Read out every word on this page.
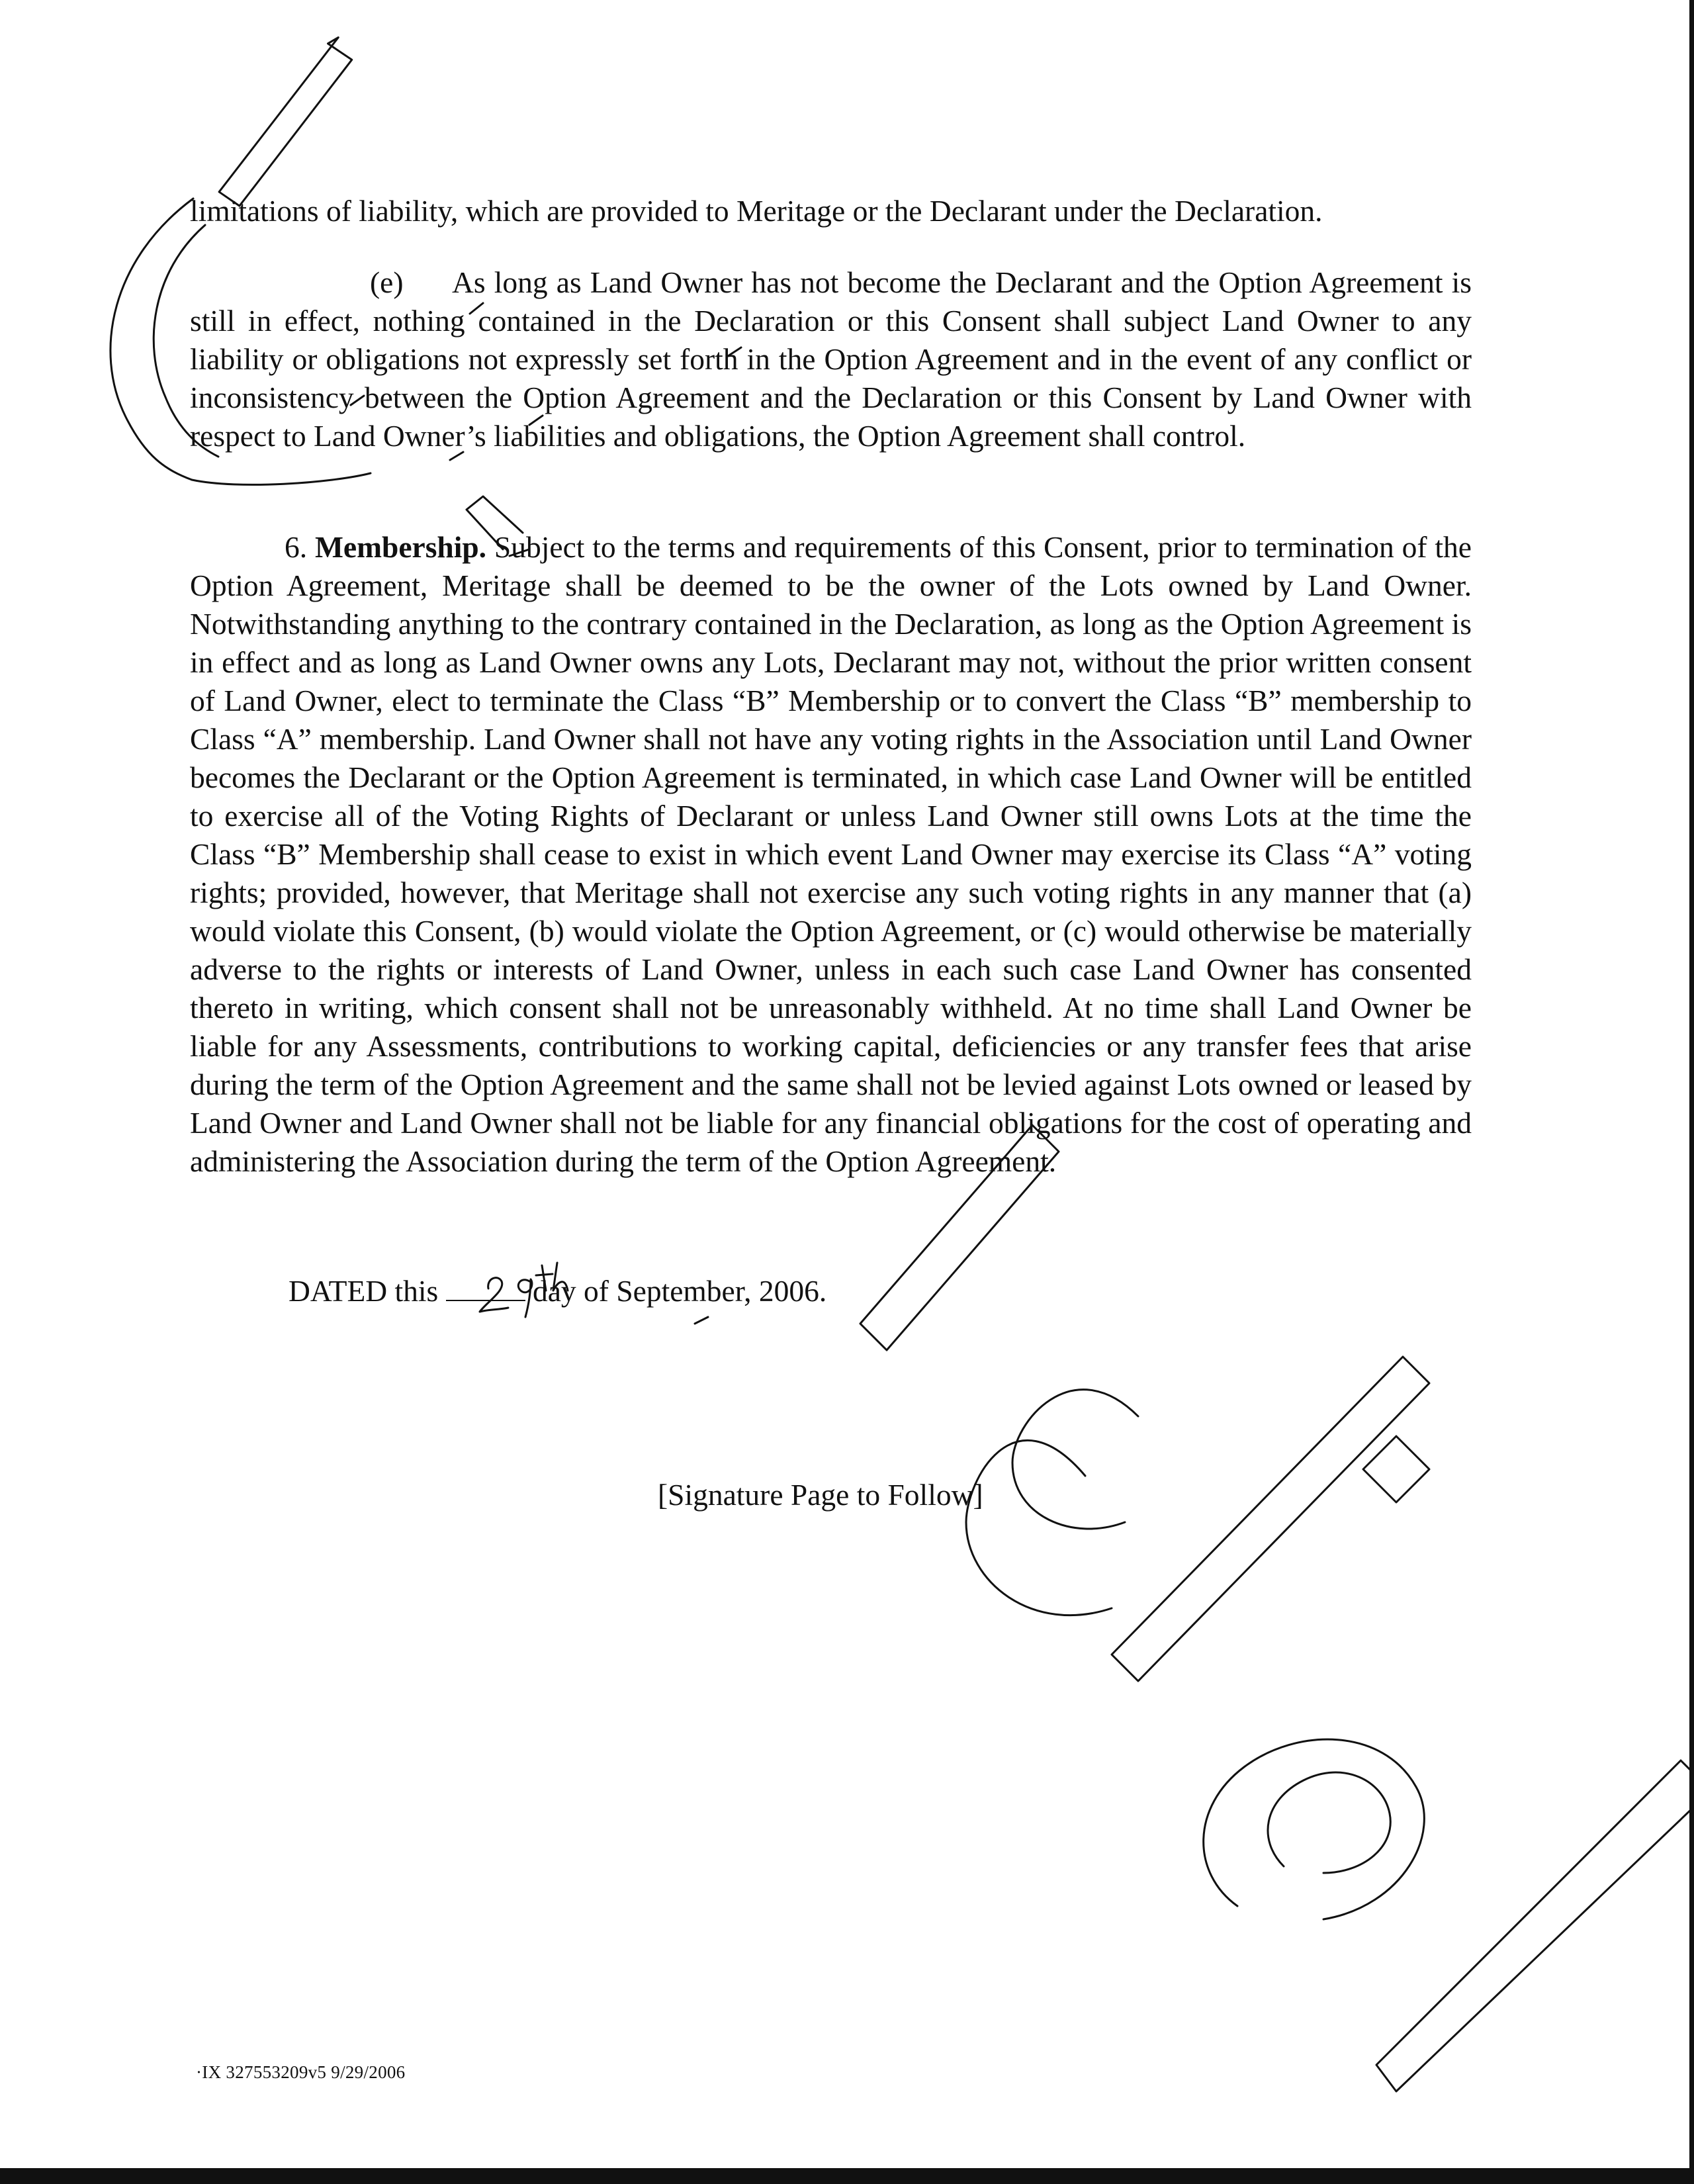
limitations of liability, which are provided to Meritage or the Declarant under the Declaration.

(e) As long as Land Owner has not become the Declarant and the Option Agreement is still in effect, nothing contained in the Declaration or this Consent shall subject Land Owner to any liability or obligations not expressly set forth in the Option Agreement and in the event of any conflict or inconsistency between the Option Agreement and the Declaration or this Consent by Land Owner with respect to Land Owner’s liabilities and obligations, the Option Agreement shall control.

6. Membership. Subject to the terms and requirements of this Consent, prior to termination of the Option Agreement, Meritage shall be deemed to be the owner of the Lots owned by Land Owner. Notwithstanding anything to the contrary contained in the Declaration, as long as the Option Agreement is in effect and as long as Land Owner owns any Lots, Declarant may not, without the prior written consent of Land Owner, elect to terminate the Class “B” Membership or to convert the Class “B” membership to Class “A” membership. Land Owner shall not have any voting rights in the Association until Land Owner becomes the Declarant or the Option Agreement is terminated, in which case Land Owner will be entitled to exercise all of the Voting Rights of Declarant or unless Land Owner still owns Lots at the time the Class “B” Membership shall cease to exist in which event Land Owner may exercise its Class “A” voting rights; provided, however, that Meritage shall not exercise any such voting rights in any manner that (a) would violate this Consent, (b) would violate the Option Agreement, or (c) would otherwise be materially adverse to the rights or interests of Land Owner, unless in each such case Land Owner has consented thereto in writing, which consent shall not be unreasonably withheld. At no time shall Land Owner be liable for any Assessments, contributions to working capital, deficiencies or any transfer fees that arise during the term of the Option Agreement and the same shall not be levied against Lots owned or leased by Land Owner and Land Owner shall not be liable for any financial obligations for the cost of operating and administering the Association during the term of the Option Agreement.

DATED this	day of September, 2006.
[Signature Page to Follow]
·IX 327553209v5 9/29/2006
